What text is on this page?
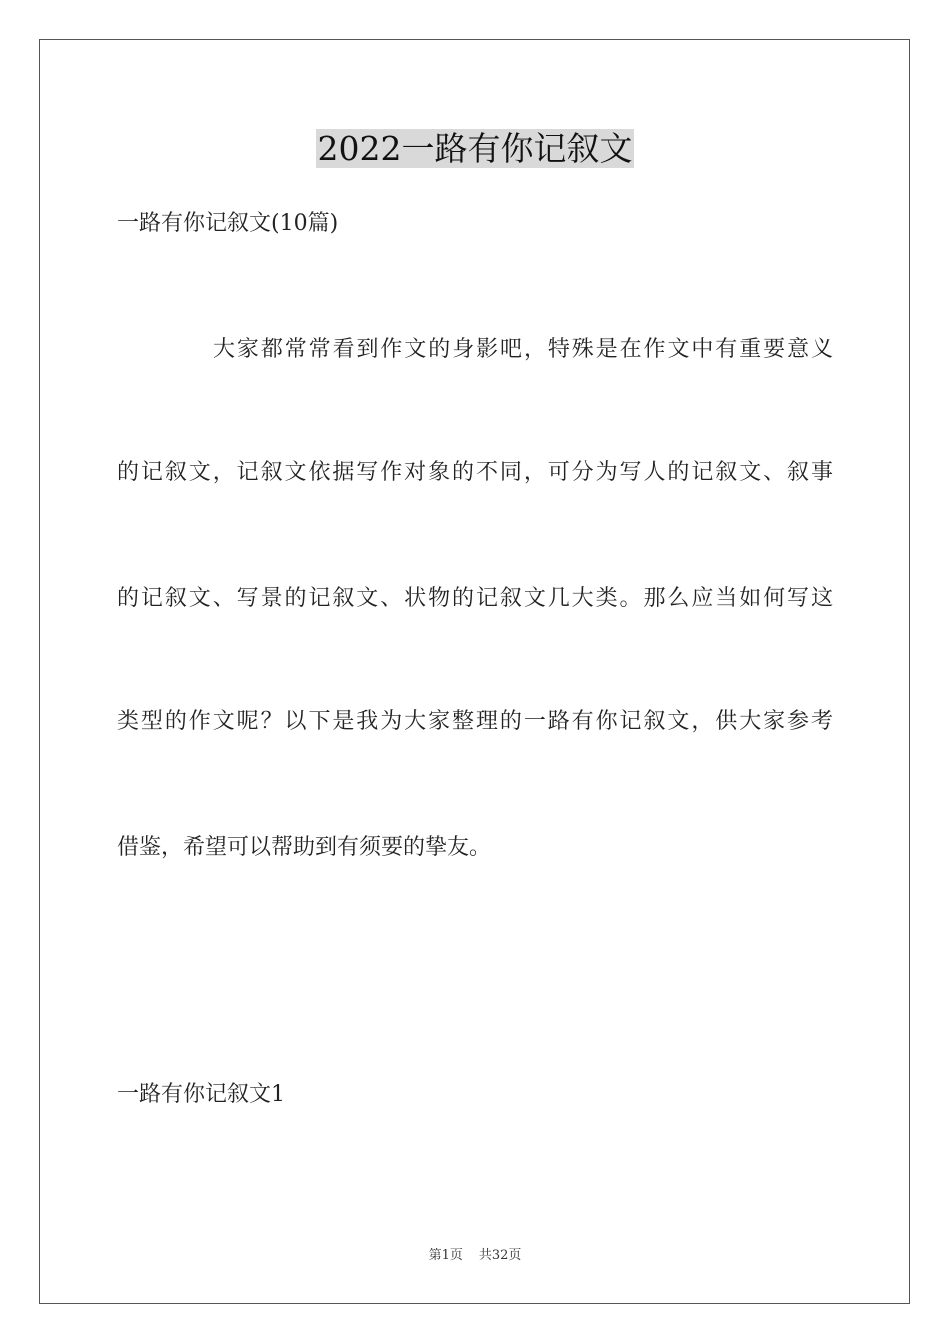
2022一路有你记叙文
一路有你记叙文(10篇)
大家都常常看到作文的身影吧，特殊是在作文中有重要意义
的记叙文，记叙文依据写作对象的不同，可分为写人的记叙文、叙事
的记叙文、写景的记叙文、状物的记叙文几大类。那么应当如何写这
类型的作文呢？以下是我为大家整理的一路有你记叙文，供大家参考
借鉴，希望可以帮助到有须要的挚友。
一路有你记叙文1
第1页 共32页
